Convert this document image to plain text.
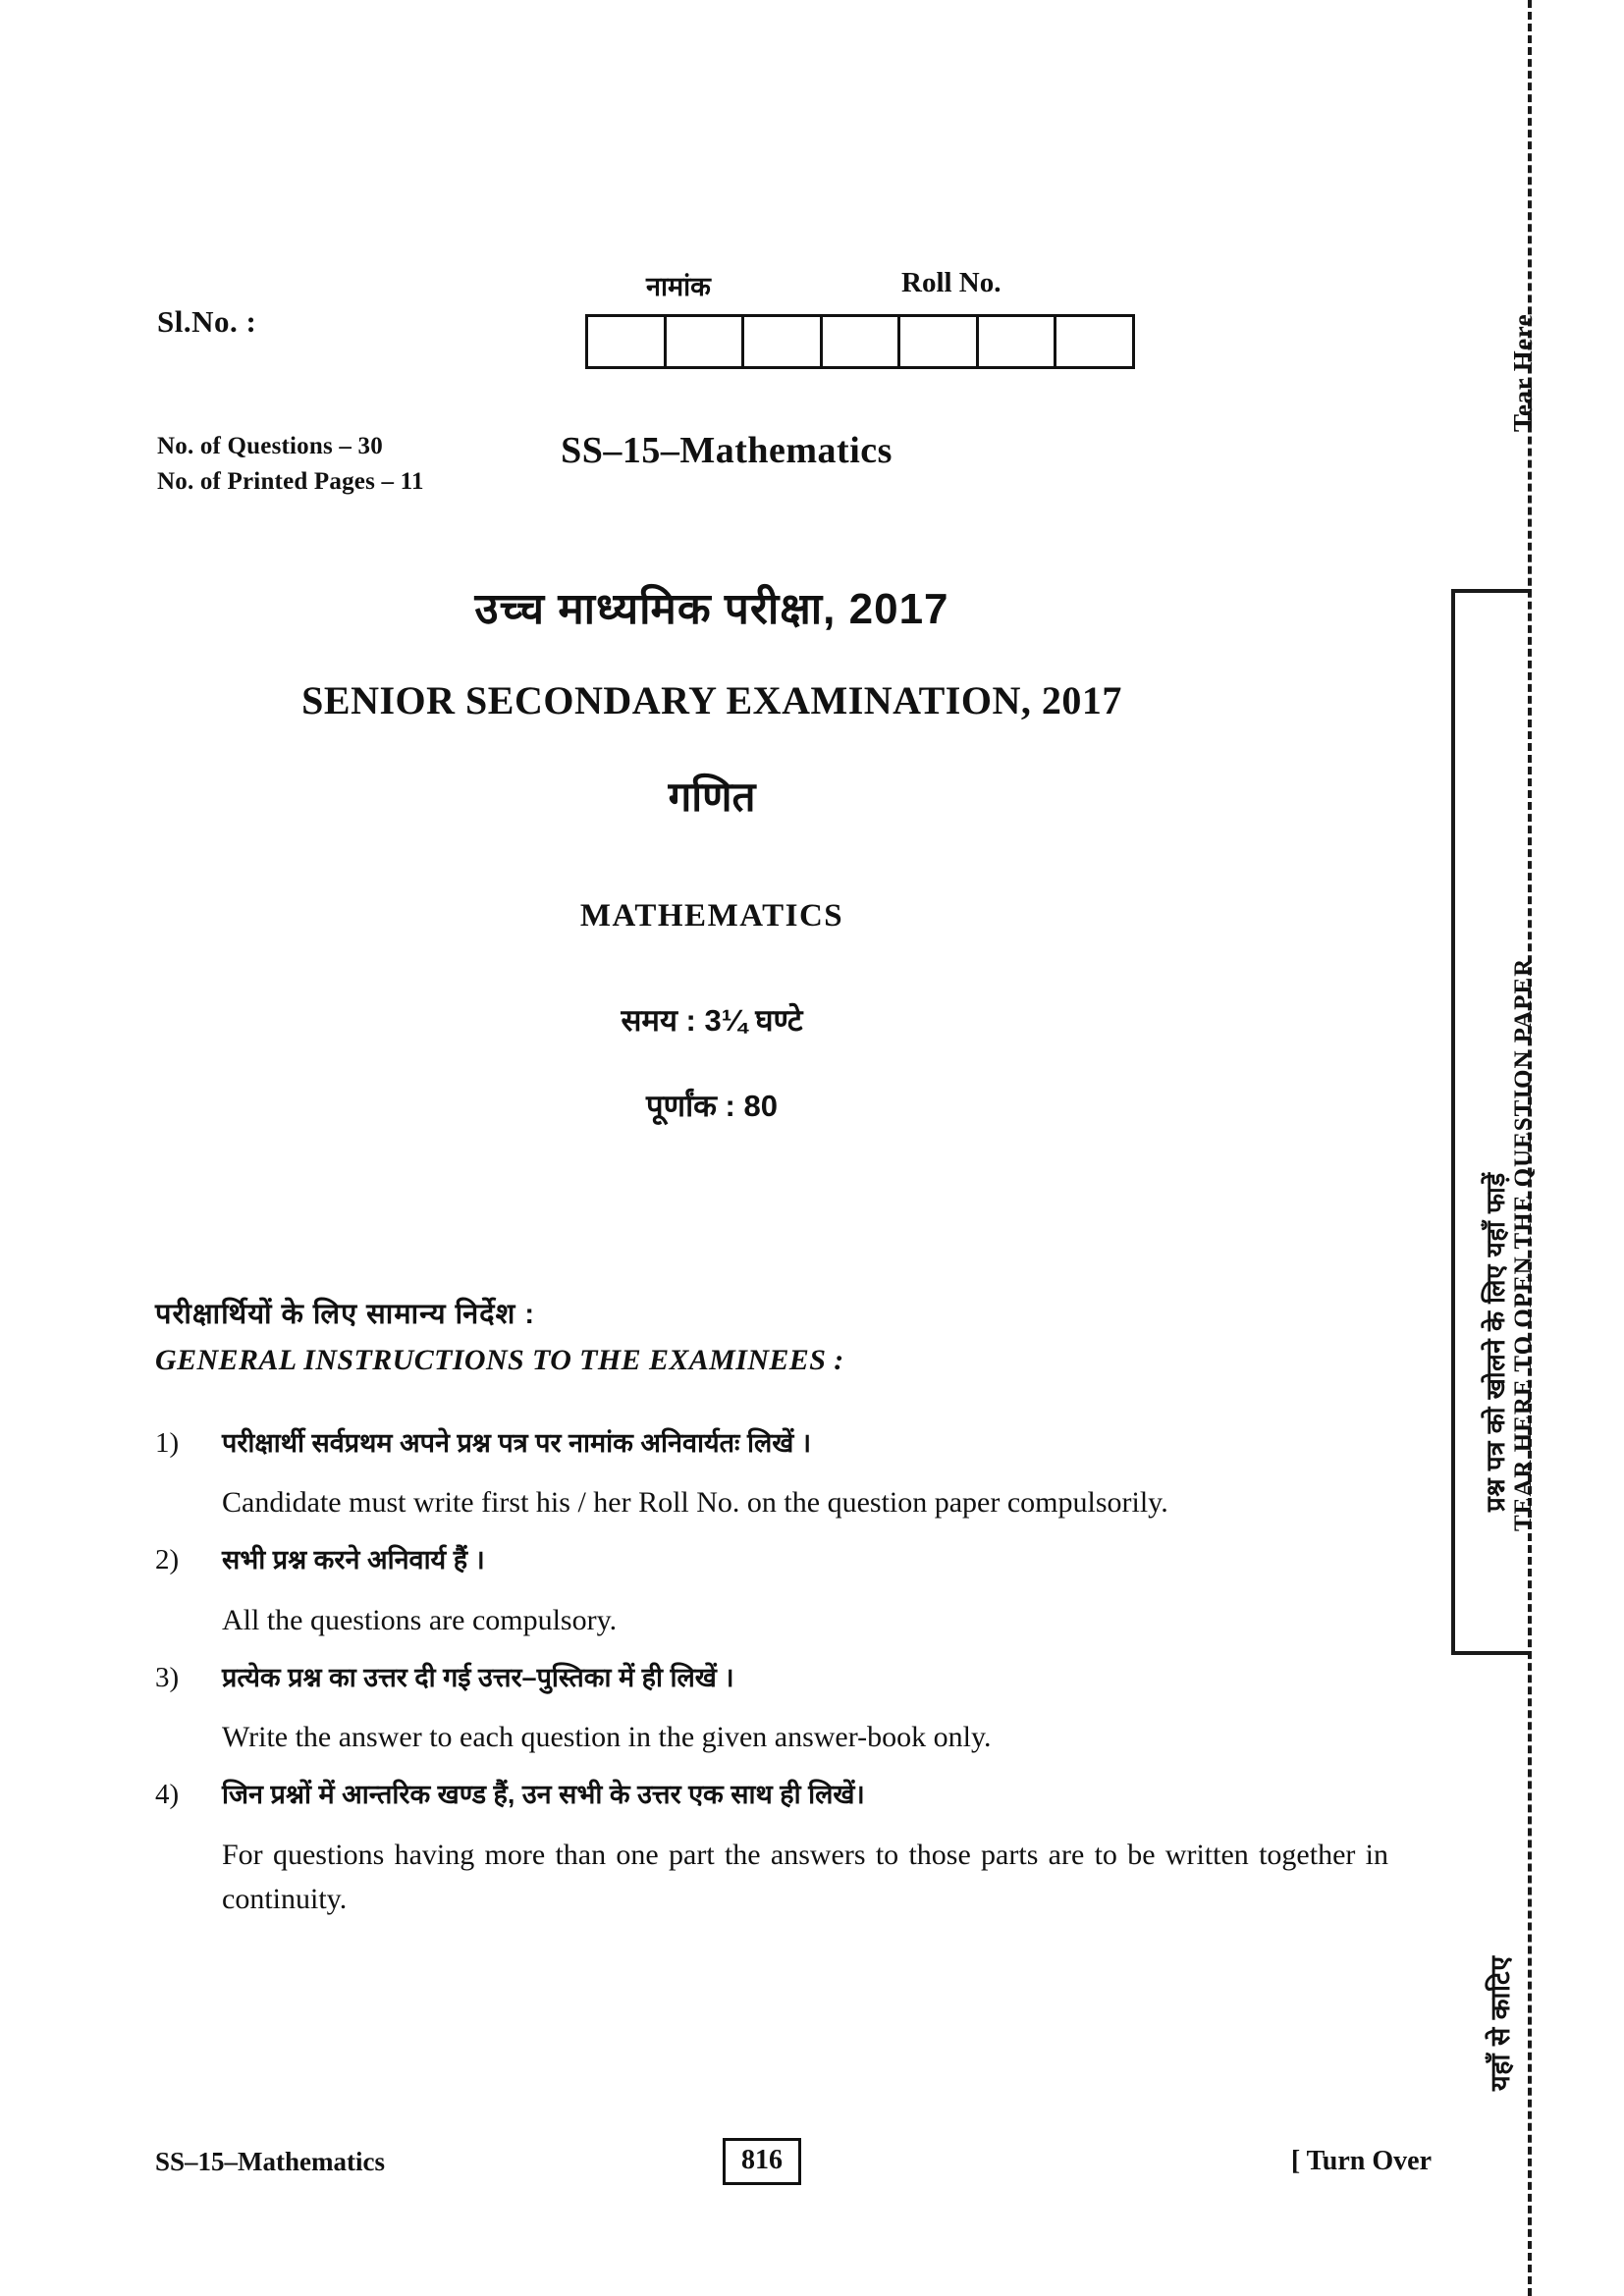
Tear Here
प्रश्न पत्र को खोलने के लिए यहाँ फाड़ें TEAR HERE TO OPEN THE QUESTION PAPER
यहाँ से काटिए
Sl.No. :
नामांक	Roll No.
No. of Questions – 30
No. of Printed Pages – 11
SS–15–Mathematics
उच्च माध्यमिक परीक्षा, 2017
SENIOR SECONDARY EXAMINATION, 2017
गणित
MATHEMATICS
समय : 3¼ घण्टे
पूर्णांक : 80
परीक्षार्थियों के लिए सामान्य निर्देश :
GENERAL INSTRUCTIONS TO THE EXAMINEES :
1)	परीक्षार्थी सर्वप्रथम अपने प्रश्न पत्र पर नामांक अनिवार्यतः लिखें ।
Candidate must write first his / her Roll No. on the question paper compulsorily.
2)	सभी प्रश्न करने अनिवार्य हैं ।
All the questions are compulsory.
3)	प्रत्येक प्रश्न का उत्तर दी गई उत्तर–पुस्तिका में ही लिखें ।
Write the answer to each question in the given answer-book only.
4)	जिन प्रश्नों में आन्तरिक खण्ड हैं, उन सभी के उत्तर एक साथ ही लिखें।
For questions having more than one part the answers to those parts are to be written together in continuity.
SS–15–Mathematics	816	[ Turn Over
